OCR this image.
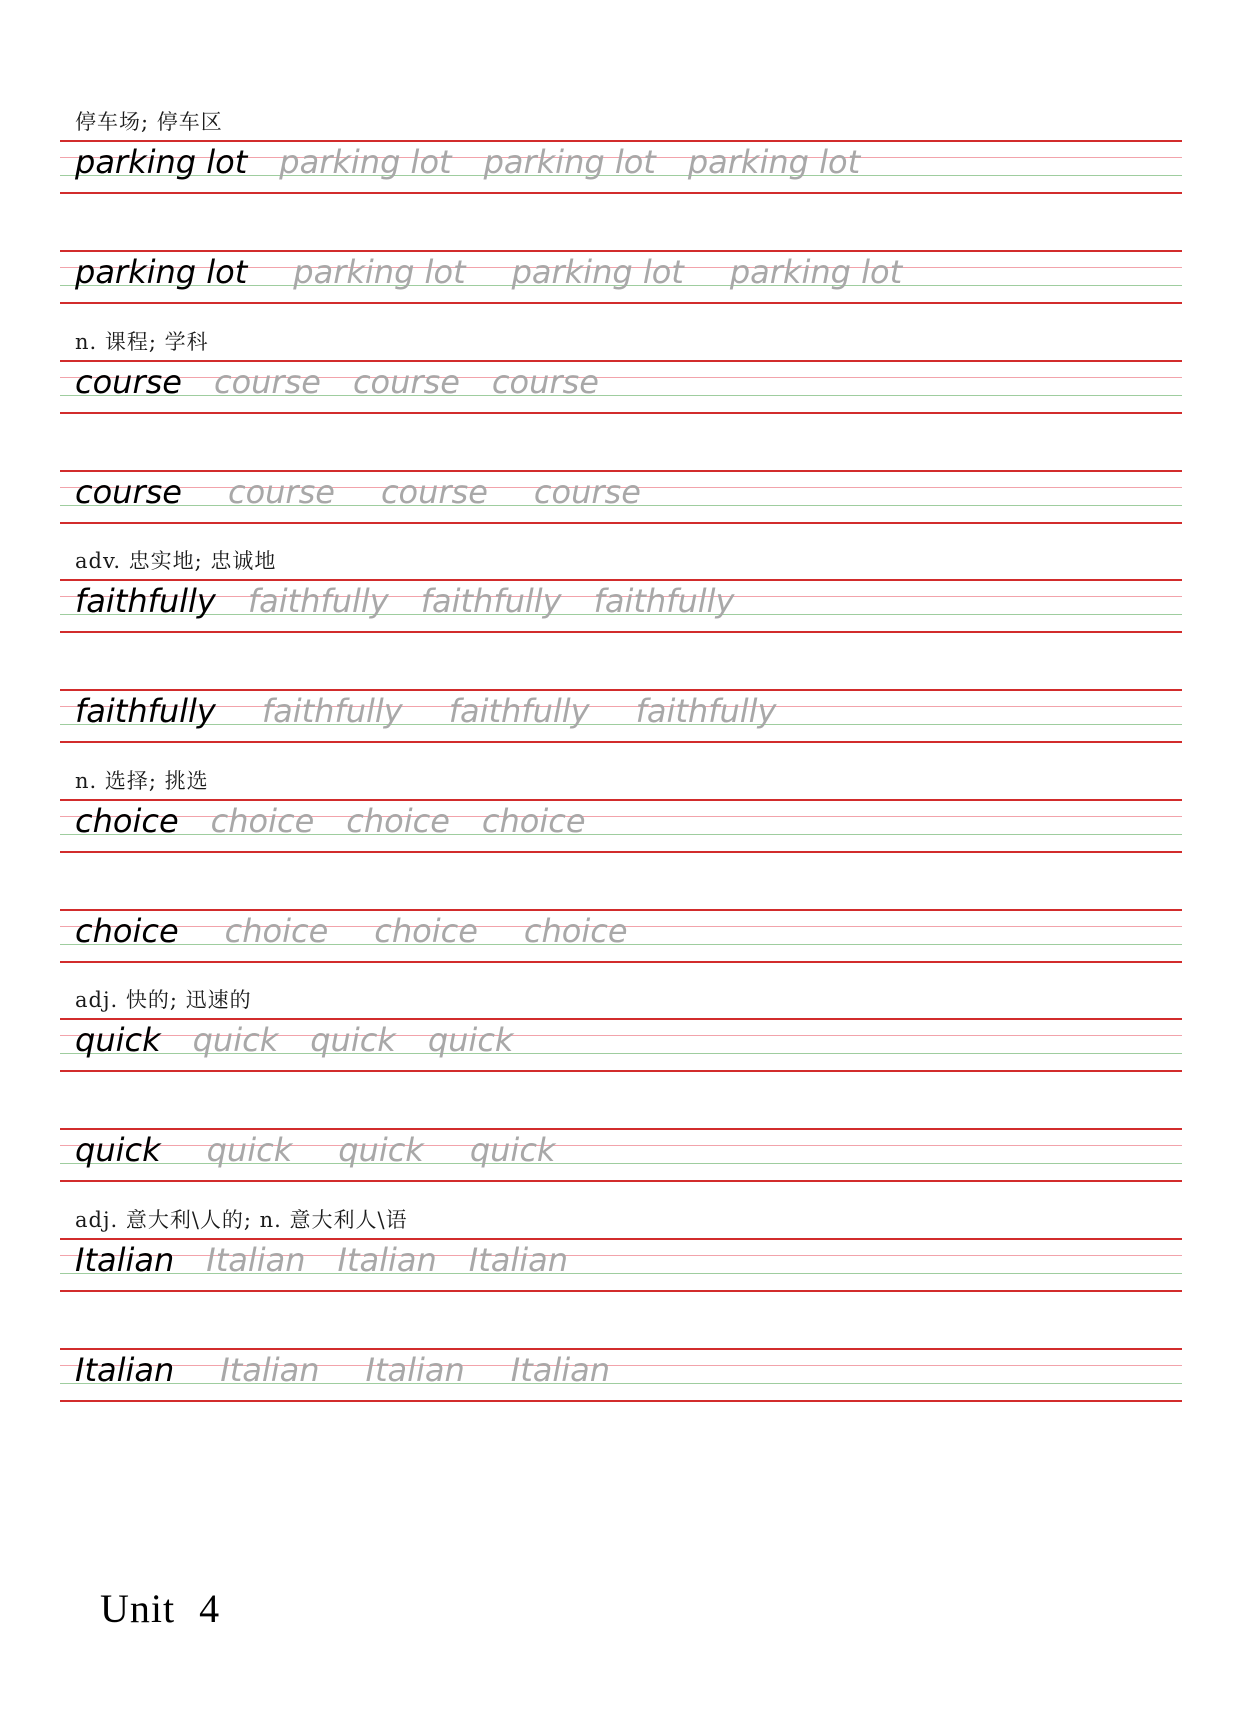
停车场; 停车区
parking lot parking lot parking lot parking lot
parking lot parking lot parking lot parking lot
n. 课程; 学科
course course course course
course course course course
adv. 忠实地; 忠诚地
faithfully faithfully faithfully faithfully
faithfully faithfully faithfully faithfully
n. 选择; 挑选
choice choice choice choice
choice choice choice choice
adj. 快的; 迅速的
quick quick quick quick
quick quick quick quick
adj. 意大利\人的; n. 意大利人\语
Italian Italian Italian Italian
Italian Italian Italian Italian
Unit 4
